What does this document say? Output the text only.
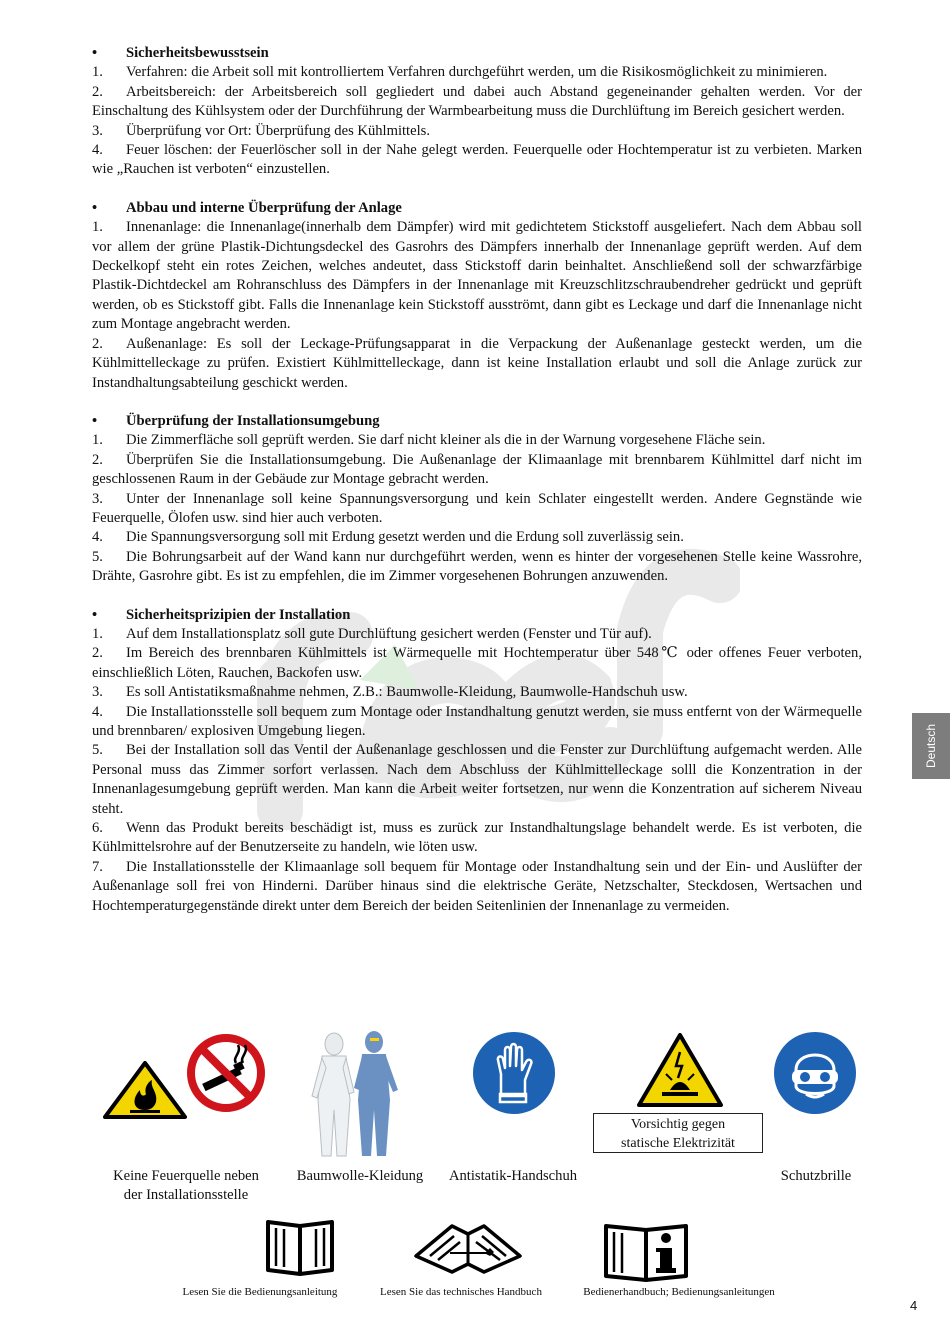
• Sicherheitsbewusstsein
1. Verfahren: die Arbeit soll mit kontrolliertem Verfahren durchgeführt werden, um die Risikosmöglichkeit zu minimieren.
2. Arbeitsbereich: der Arbeitsbereich soll gegliedert und dabei auch Abstand gegeneinander gehalten werden. Vor der Einschaltung des Kühlsystem oder der Durchführung der Warmbearbeitung muss die Durchlüftung im Bereich gesichert werden.
3. Überprüfung vor Ort: Überprüfung des Kühlmittels.
4. Feuer löschen: der Feuerlöscher soll in der Nahe gelegt werden. Feuerquelle oder Hochtemperatur ist zu verbieten. Marken wie „Rauchen ist verboten“ einzustellen.
• Abbau und interne Überprüfung der Anlage
1. Innenanlage: die Innenanlage(innerhalb dem Dämpfer) wird mit gedichtetem Stickstoff ausgeliefert. Nach dem Abbau soll vor allem der grüne Plastik-Dichtungsdeckel des Gasrohrs des Dämpfers innerhalb der Innenanlage geprüft werden. Auf dem Deckelkopf steht ein rotes Zeichen, welches andeutet, dass Stickstoff darin beinhaltet. Anschließend soll der schwarzfärbige Plastik-Dichtdeckel am Rohranschluss des Dämpfers in der Innenanlage mit Kreuzschlitzschraubendreher gedrückt und geprüft werden, ob es Stickstoff gibt. Falls die Innenanlage kein Stickstoff ausströmt, dann gibt es Leckage und darf die Innenanlage nicht zum Montage angebracht werden.
2. Außenanlage: Es soll der Leckage-Prüfungsapparat in die Verpackung der Außenanlage gesteckt werden, um die Kühlmittelleckage zu prüfen. Existiert Kühlmittelleckage, dann ist keine Installation erlaubt und soll die Anlage zurück zur Instandhaltungsabteilung geschickt werden.
• Überprüfung der Installationsumgebung
1. Die Zimmerfläche soll geprüft werden. Sie darf nicht kleiner als die in der Warnung vorgesehene Fläche sein.
2. Überprüfen Sie die Installationsumgebung. Die Außenanlage der Klimaanlage mit brennbarem Kühlmittel darf nicht im geschlossenen Raum in der Gebäude zur Montage gebracht werden.
3. Unter der Innenanlage soll keine Spannungsversorgung und kein Schlater eingestellt werden. Andere Gegnstände wie Feuerquelle, Ölofen usw. sind hier auch verboten.
4. Die Spannungsversorgung soll mit Erdung gesetzt werden und die Erdung soll zuverlässig sein.
5. Die Bohrungsarbeit auf der Wand kann nur durchgeführt werden, wenn es hinter der vorgesehenen Stelle keine Wassrohre, Drähte, Gasrohre gibt. Es ist zu empfehlen, die im Zimmer vorgesehenen Bohrungen anzuwenden.
• Sicherheitsprizipien der Installation
1. Auf dem Installationsplatz soll gute Durchlüftung gesichert werden (Fenster und Tür auf).
2. Im Bereich des brennbaren Kühlmittels ist Wärmequelle mit Hochtemperatur über 548℃ oder offenes Feuer verboten, einschließlich Löten, Rauchen, Backofen usw.
3. Es soll Antistatiksmaßnahme nehmen, Z.B.: Baumwolle-Kleidung, Baumwolle-Handschuh usw.
4. Die Installationsstelle soll bequem zum Montage oder Instandhaltung genutzt werden, sie muss entfernt von der Wärmequelle und brennbaren/ explosiven Umgebung liegen.
5. Bei der Installation soll das Ventil der Außenanlage geschlossen und die Fenster zur Durchlüftung aufgemacht werden. Alle Personal muss das Zimmer sorfort verlassen. Nach dem Abschluss der Kühlmittelleckage solll die Konzentration in der Innenanlagesumgebung geprüft werden. Man kann die Arbeit weiter fortsetzen, nur wenn die Konzentration auf sicherem Niveau steht.
6. Wenn das Produkt bereits beschädigt ist, muss es zurück zur Instandhaltungslage behandelt werde. Es ist verboten, die Kühlmittelsrohre auf der Benutzerseite zu handeln, wie löten usw.
7. Die Installationsstelle der Klimaanlage soll bequem für Montage oder Instandhaltung sein und der Ein- und Auslüfter der Außenanlage soll frei von Hinderni. Darüber hinaus sind die elektrische Geräte, Netzschalter, Steckdosen, Wertsachen und Hochtemperaturgegenstände direkt unter dem Bereich der beiden Seitenlinien der Innenanlage zu vermeiden.
Vorsichtig gegen
statische Elektrizität
Keine Feuerquelle neben
der Installationsstelle
Baumwolle-Kleidung	Antistatik-Handschuh	Schutzbrille
Lesen Sie die Bedienungsanleitung	Lesen Sie das technisches Handbuch	Bedienerhandbuch; Bedienungsanleitungen
Deutsch
4
